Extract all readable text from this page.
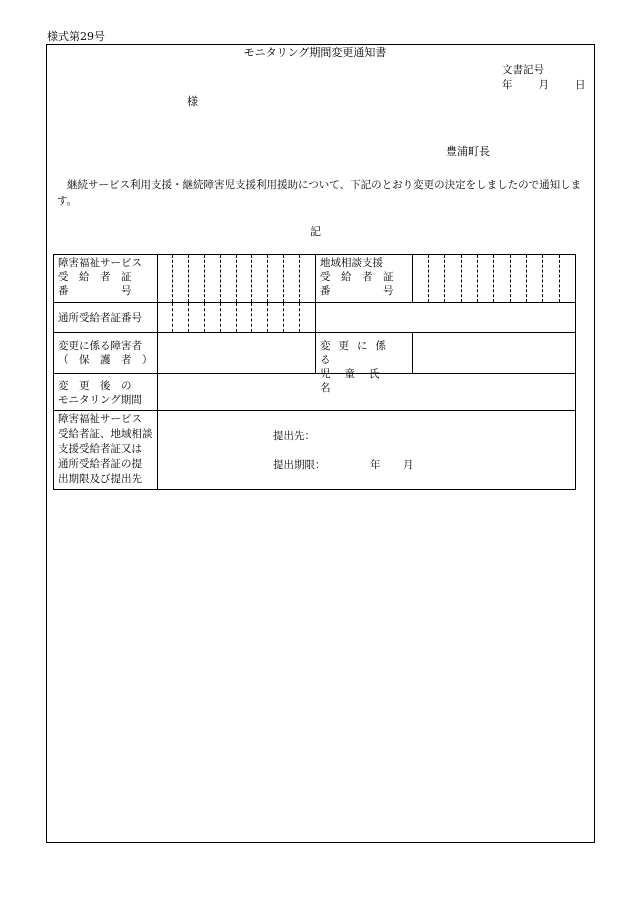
様式第29号
モニタリング期間変更通知書
文書記号
年 月 日
様
豊浦町長
継続サービス利用支援・継続障害児支援利用援助について、下記のとおり変更の決定をしましたので通知します。
記
障害福祉サービス
受　給　者　証
番　　　　　号
地域相談支援
受　給　者　証
番　　　　　号
通所受給者証番号
変更に係る障害者
（　保　護　者　）
変更に係る
児童氏名
変　更　後　の
モニタリング期間
障害福祉サービス
受給者証、地域相談
支援受給者証又は
通所受給者証の提
出期限及び提出先
提出先：
提出期限：	年 月
